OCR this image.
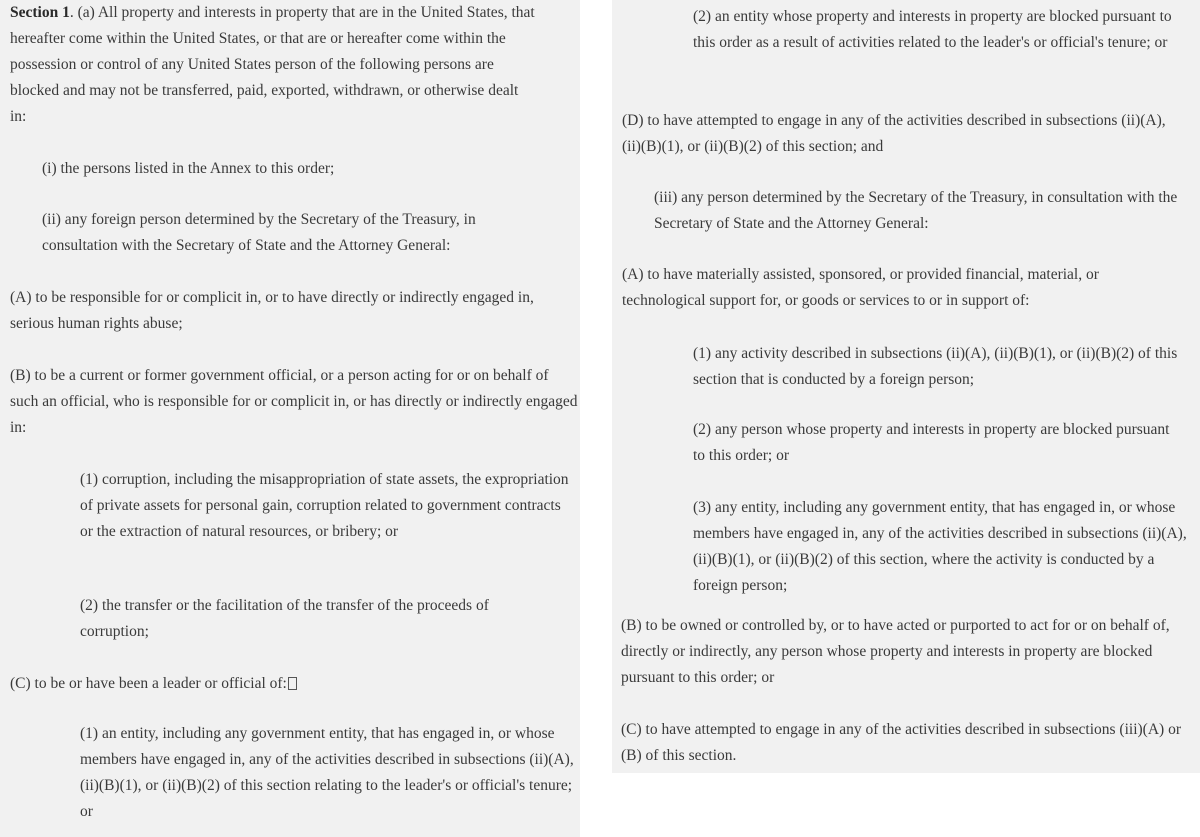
Section 1. (a) All property and interests in property that are in the United States, that hereafter come within the United States, or that are or hereafter come within the possession or control of any United States person of the following persons are blocked and may not be transferred, paid, exported, withdrawn, or otherwise dealt in:

(i) the persons listed in the Annex to this order;

(ii) any foreign person determined by the Secretary of the Treasury, in consultation with the Secretary of State and the Attorney General:

(A) to be responsible for or complicit in, or to have directly or indirectly engaged in, serious human rights abuse;

(B) to be a current or former government official, or a person acting for or on behalf of such an official, who is responsible for or complicit in, or has directly or indirectly engaged in:

(1) corruption, including the misappropriation of state assets, the expropriation of private assets for personal gain, corruption related to government contracts or the extraction of natural resources, or bribery; or

(2) the transfer or the facilitation of the transfer of the proceeds of corruption;

(C) to be or have been a leader or official of:

(1) an entity, including any government entity, that has engaged in, or whose members have engaged in, any of the activities described in subsections (ii)(A), (ii)(B)(1), or (ii)(B)(2) of this section relating to the leader's or official's tenure; or

(2) an entity whose property and interests in property are blocked pursuant to this order as a result of activities related to the leader's or official's tenure; or

(D) to have attempted to engage in any of the activities described in subsections (ii)(A), (ii)(B)(1), or (ii)(B)(2) of this section; and

(iii) any person determined by the Secretary of the Treasury, in consultation with the Secretary of State and the Attorney General:

(A) to have materially assisted, sponsored, or provided financial, material, or technological support for, or goods or services to or in support of:

(1) any activity described in subsections (ii)(A), (ii)(B)(1), or (ii)(B)(2) of this section that is conducted by a foreign person;

(2) any person whose property and interests in property are blocked pursuant to this order; or

(3) any entity, including any government entity, that has engaged in, or whose members have engaged in, any of the activities described in subsections (ii)(A), (ii)(B)(1), or (ii)(B)(2) of this section, where the activity is conducted by a foreign person;

(B) to be owned or controlled by, or to have acted or purported to act for or on behalf of, directly or indirectly, any person whose property and interests in property are blocked pursuant to this order; or

(C) to have attempted to engage in any of the activities described in subsections (iii)(A) or (B) of this section.
